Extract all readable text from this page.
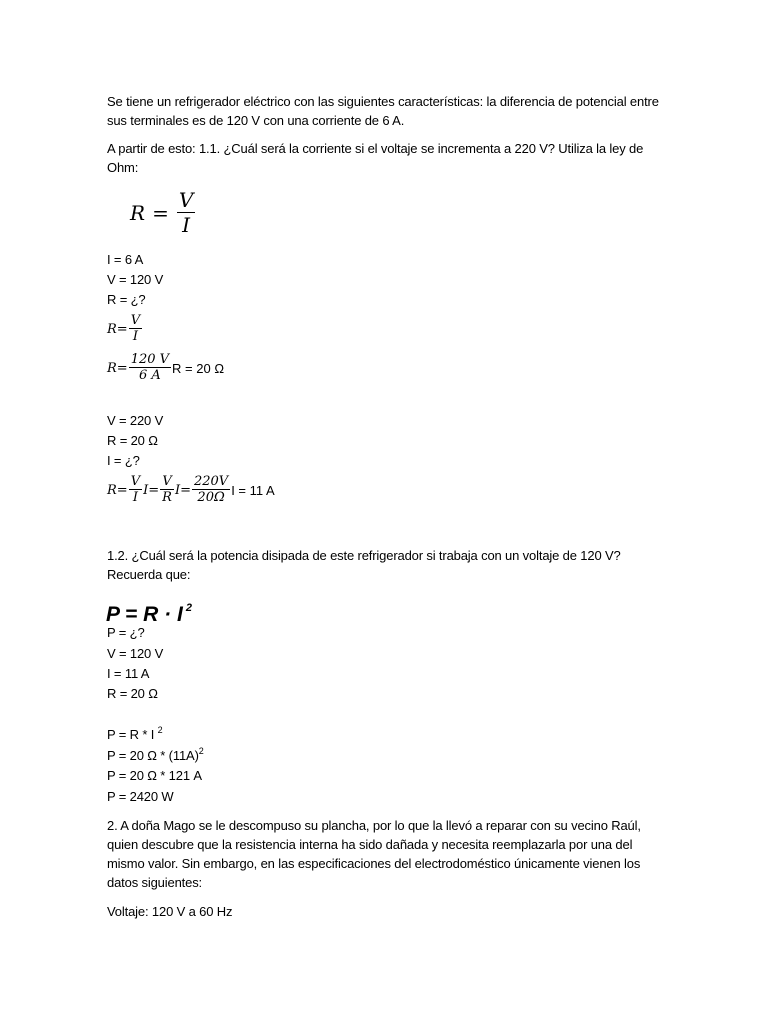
Se tiene un refrigerador eléctrico con las siguientes características: la diferencia de potencial entre
sus terminales es de 120 V con una corriente de 6 A.
A partir de esto: 1.1. ¿Cuál será la corriente si el voltaje se incrementa a 220 V? Utiliza la ley de
Ohm:
$R = \frac{V}{I}$
I = 6 A
V = 120 V
R = ¿?
$R = \frac{V}{I}$
$R = \frac{120 V}{6 A}$ R = 20 Ω
V = 220 V
R = 20 Ω
I = ¿?
$R = \frac{V}{I}$ $I = \frac{V}{R}$ $I = \frac{220V}{20\Omega}$ I = 11 A
1.2. ¿Cuál será la potencia disipada de este refrigerador si trabaja con un voltaje de 120 V?
Recuerda que:
P = R · I $^2$
P = ¿?
V = 120 V
I = 11 A
R = 20 Ω
P = R * I $^2$
P = 20 Ω * $(11A)^2$
P = 20 Ω * 121 A
P = 2420 W
2. A doña Mago se le descompuso su plancha, por lo que la llevó a reparar con su vecino Raúl,
quien descubre que la resistencia interna ha sido dañada y necesita reemplazarla por una del
mismo valor. Sin embargo, en las especificaciones del electrodoméstico únicamente vienen los
datos siguientes:
Voltaje: 120 V a 60 Hz
